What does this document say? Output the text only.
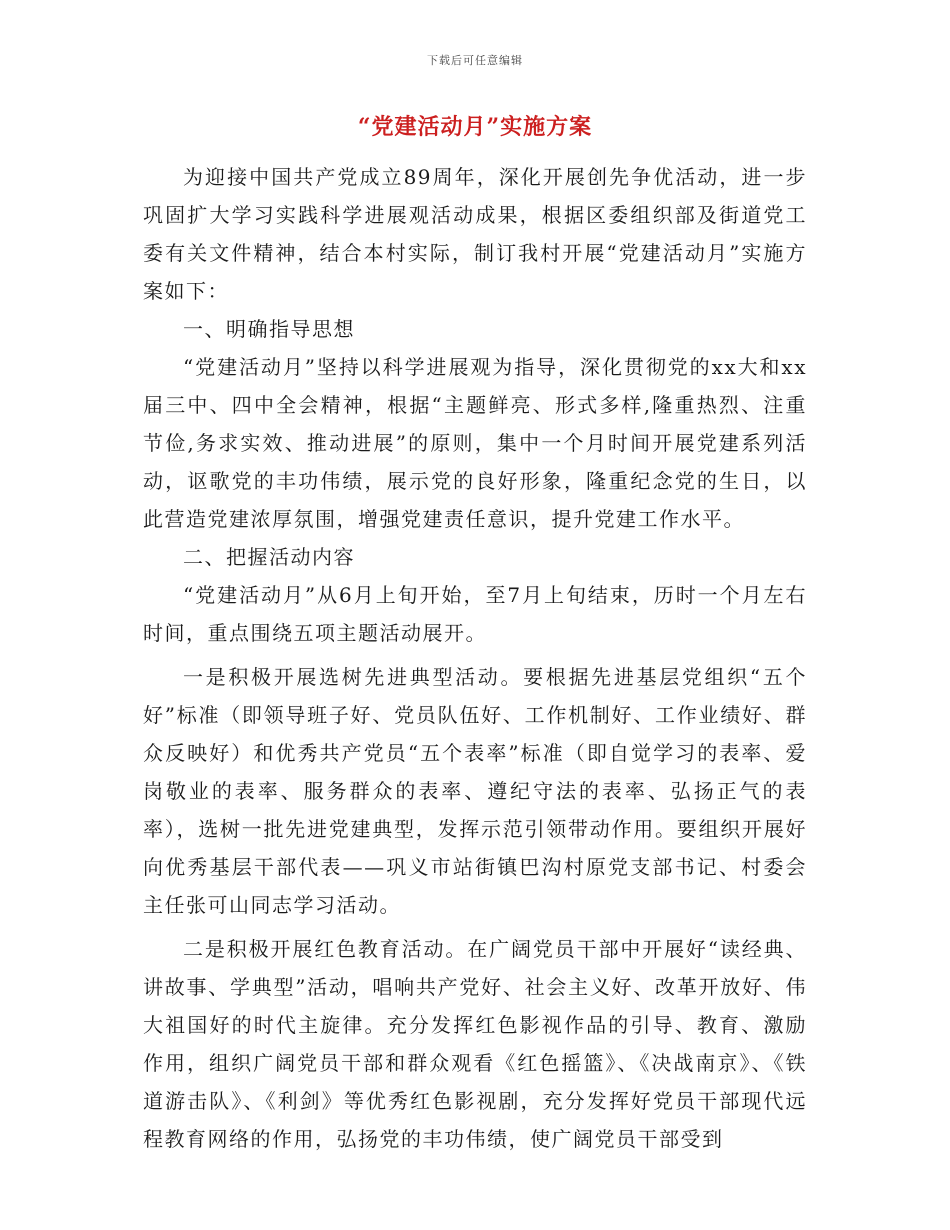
下载后可任意编辑
“党建活动月”实施方案

为迎接中国共产党成立89周年，深化开展创先争优活动，进一步巩固扩大学习实践科学进展观活动成果，根据区委组织部及街道党工委有关文件精神，结合本村实际，制订我村开展“党建活动月”实施方案如下：

一、明确指导思想

“党建活动月”坚持以科学进展观为指导，深化贯彻党的xx大和xx届三中、四中全会精神，根据“主题鲜亮、形式多样,隆重热烈、注重节俭,务求实效、推动进展”的原则，集中一个月时间开展党建系列活动，讴歌党的丰功伟绩，展示党的良好形象，隆重纪念党的生日，以此营造党建浓厚氛围，增强党建责任意识，提升党建工作水平。

二、把握活动内容

“党建活动月”从6月上旬开始，至7月上旬结束，历时一个月左右时间，重点围绕五项主题活动展开。

一是积极开展选树先进典型活动。要根据先进基层党组织“五个好”标准（即领导班子好、党员队伍好、工作机制好、工作业绩好、群众反映好）和优秀共产党员“五个表率”标准（即自觉学习的表率、爱岗敬业的表率、服务群众的表率、遵纪守法的表率、弘扬正气的表率），选树一批先进党建典型，发挥示范引领带动作用。要组织开展好向优秀基层干部代表——巩义市站街镇巴沟村原党支部书记、村委会主任张可山同志学习活动。

二是积极开展红色教育活动。在广阔党员干部中开展好“读经典、讲故事、学典型”活动，唱响共产党好、社会主义好、改革开放好、伟大祖国好的时代主旋律。充分发挥红色影视作品的引导、教育、激励作用，组织广阔党员干部和群众观看《红色摇篮》、《决战南京》、《铁道游击队》、《利剑》等优秀红色影视剧，充分发挥好党员干部现代远程教育网络的作用，弘扬党的丰功伟绩，使广阔党员干部受到
